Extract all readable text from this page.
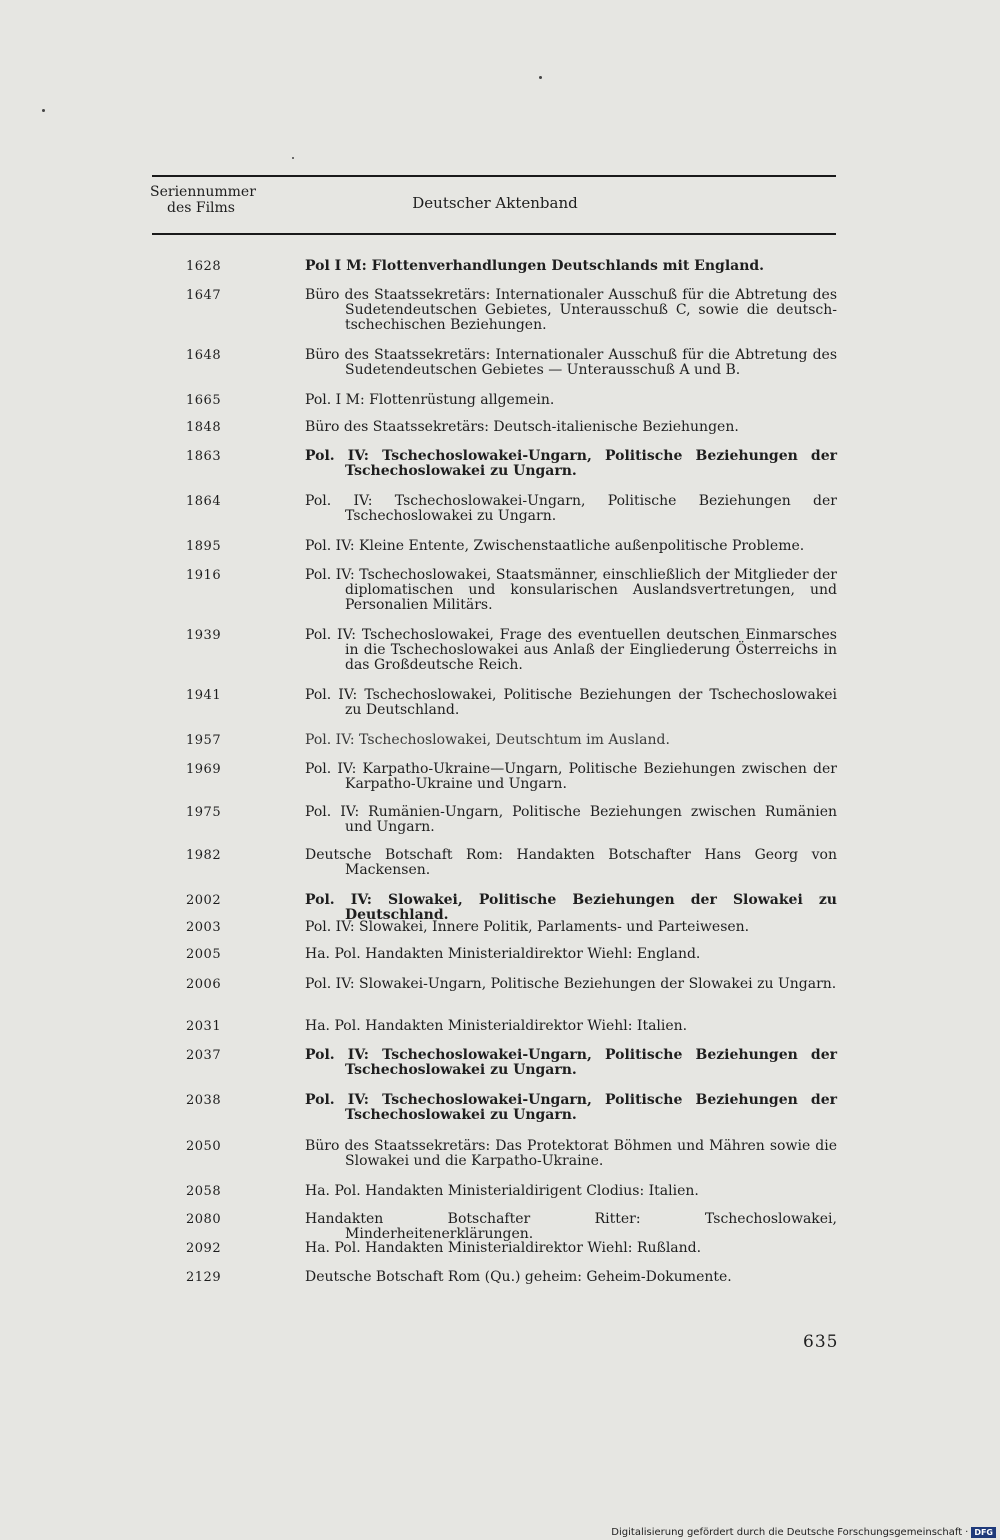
Seriennummer des Films	Deutscher Aktenband
1628	Pol I M: Flottenverhandlungen Deutschlands mit England.
1647	Büro des Staatssekretärs: Internationaler Ausschuß für die Abtretung des Sudetendeutschen Gebietes, Unterausschuß C, sowie die deutsch-tschechischen Beziehungen.
1648	Büro des Staatssekretärs: Internationaler Ausschuß für die Abtretung des Sudetendeutschen Gebietes — Unterausschuß A und B.
1665	Pol. I M: Flottenrüstung allgemein.
1848	Büro des Staatssekretärs: Deutsch-italienische Beziehungen.
1863	Pol. IV: Tschechoslowakei-Ungarn, Politische Beziehungen der Tschechoslowakei zu Ungarn.
1864	Pol. IV: Tschechoslowakei-Ungarn, Politische Beziehungen der Tschechoslowakei zu Ungarn.
1895	Pol. IV: Kleine Entente, Zwischenstaatliche außenpolitische Probleme.
1916	Pol. IV: Tschechoslowakei, Staatsmänner, einschließlich der Mitglieder der diplomatischen und konsularischen Auslandsvertretungen, und Personalien Militärs.
1939	Pol. IV: Tschechoslowakei, Frage des eventuellen deutschen Einmarsches in die Tschechoslowakei aus Anlaß der Eingliederung Österreichs in das Großdeutsche Reich.
1941	Pol. IV: Tschechoslowakei, Politische Beziehungen der Tschechoslowakei zu Deutschland.
1957	Pol. IV: Tschechoslowakei, Deutschtum im Ausland.
1969	Pol. IV: Karpatho-Ukraine—Ungarn, Politische Beziehungen zwischen der Karpatho-Ukraine und Ungarn.
1975	Pol. IV: Rumänien-Ungarn, Politische Beziehungen zwischen Rumänien und Ungarn.
1982	Deutsche Botschaft Rom: Handakten Botschafter Hans Georg von Mackensen.
2002	Pol. IV: Slowakei, Politische Beziehungen der Slowakei zu Deutschland.
2003	Pol. IV: Slowakei, Innere Politik, Parlaments- und Parteiwesen.
2005	Ha. Pol. Handakten Ministerialdirektor Wiehl: England.
2006	Pol. IV: Slowakei-Ungarn, Politische Beziehungen der Slowakei zu Ungarn.
2031	Ha. Pol. Handakten Ministerialdirektor Wiehl: Italien.
2037	Pol. IV: Tschechoslowakei-Ungarn, Politische Beziehungen der Tschechoslowakei zu Ungarn.
2038	Pol. IV: Tschechoslowakei-Ungarn, Politische Beziehungen der Tschechoslowakei zu Ungarn.
2050	Büro des Staatssekretärs: Das Protektorat Böhmen und Mähren sowie die Slowakei und die Karpatho-Ukraine.
2058	Ha. Pol. Handakten Ministerialdirigent Clodius: Italien.
2080	Handakten Botschafter Ritter: Tschechoslowakei, Minderheitenerklärungen.
2092	Ha. Pol. Handakten Ministerialdirektor Wiehl: Rußland.
2129	Deutsche Botschaft Rom (Qu.) geheim: Geheim-Dokumente.
635
Digitalisierung gefördert durch die Deutsche Forschungsgemeinschaft · DFG
